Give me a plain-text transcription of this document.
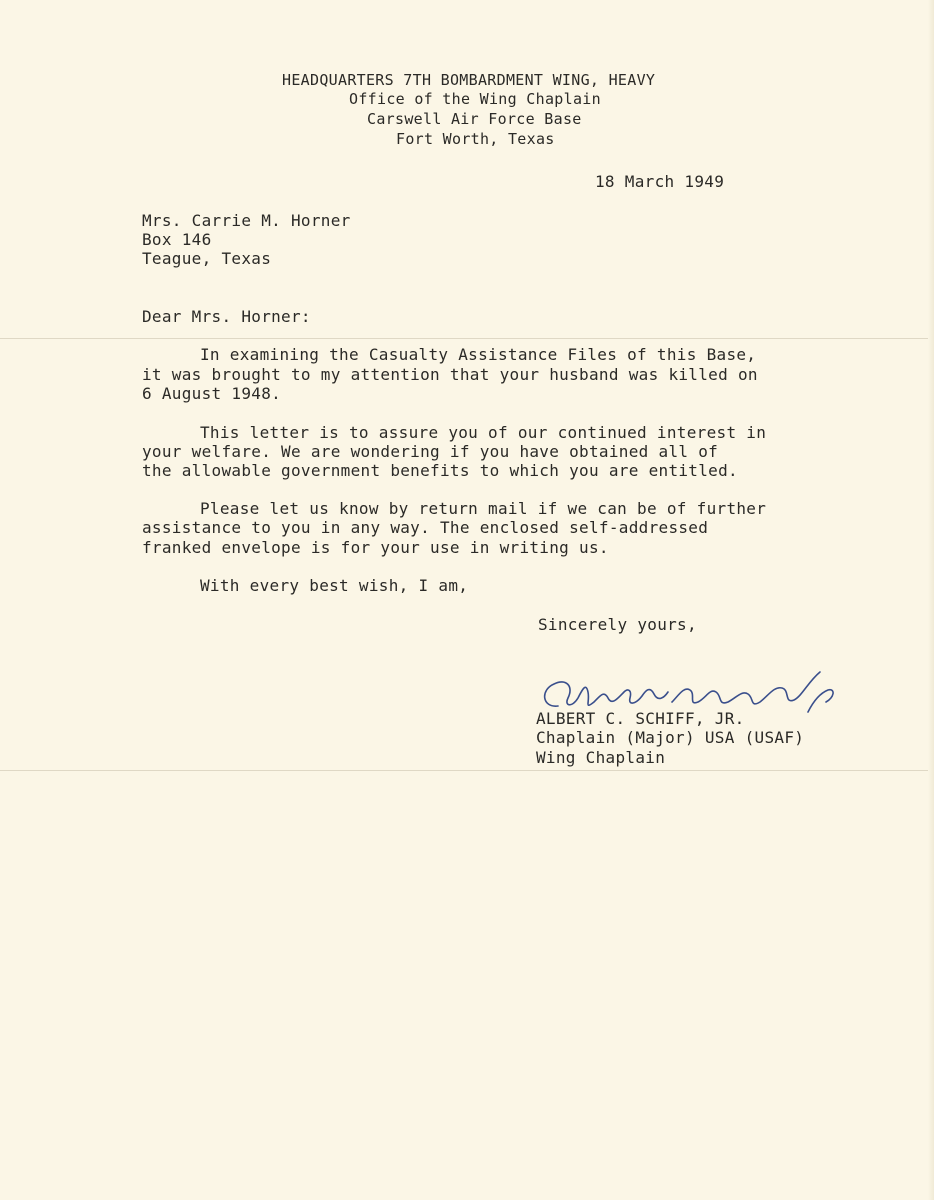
HEADQUARTERS 7TH BOMBARDMENT WING, HEAVY
Office of the Wing Chaplain
Carswell Air Force Base
Fort Worth, Texas
18 March 1949
Mrs. Carrie M. Horner
Box 146
Teague, Texas
Dear Mrs. Horner:
In examining the Casualty Assistance Files of this Base,
it was brought to my attention that your husband was killed on
6 August 1948.
This letter is to assure you of our continued interest in
your welfare. We are wondering if you have obtained all of
the allowable government benefits to which you are entitled.
Please let us know by return mail if we can be of further
assistance to you in any way. The enclosed self-addressed
franked envelope is for your use in writing us.
With every best wish, I am,
Sincerely yours,
ALBERT C. SCHIFF, JR.
Chaplain (Major) USA (USAF)
Wing Chaplain
